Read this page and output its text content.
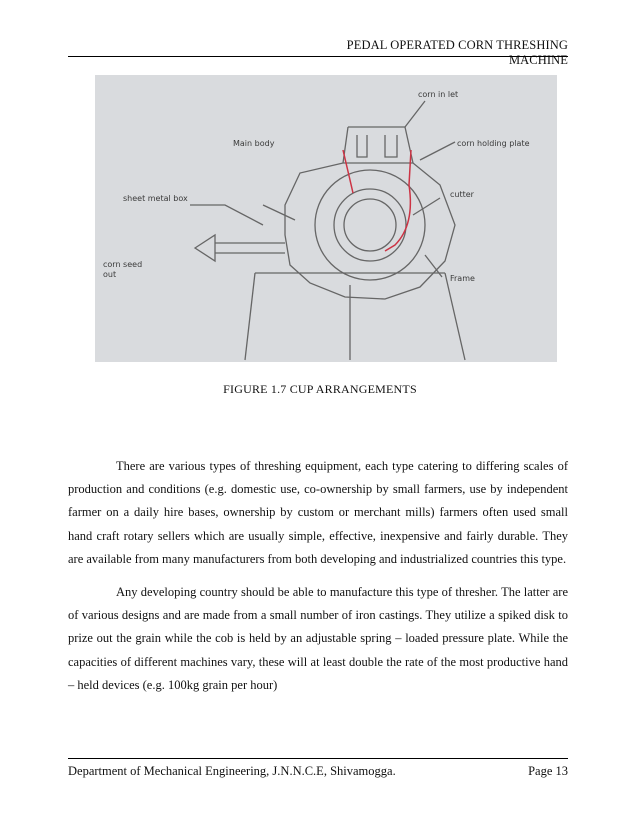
PEDAL OPERATED CORN THRESHING MACHINE
corn in let
Main body	corn holding plate
cutter
sheet metal box
corn seed
out	Frame
FIGURE 1.7 CUP ARRANGEMENTS

There are various types of threshing equipment, each type catering to differing scales of production and conditions (e.g. domestic use, co-ownership by small farmers, use by independent farmer on a daily hire bases, ownership by custom or merchant mills) farmers often used small hand craft rotary sellers which are usually simple, effective, inexpensive and fairly durable. They are available from many manufacturers from both developing and industrialized countries this type.

Any developing country should be able to manufacture this type of thresher. The latter are of various designs and are made from a small number of iron castings. They utilize a spiked disk to prize out the grain while the cob is held by an adjustable spring – loaded pressure plate. While the capacities of different machines vary, these will at least double the rate of the most productive hand – held devices (e.g. 100kg grain per hour)

Department of Mechanical Engineering, J.N.N.C.E, Shivamogga.	Page 13
